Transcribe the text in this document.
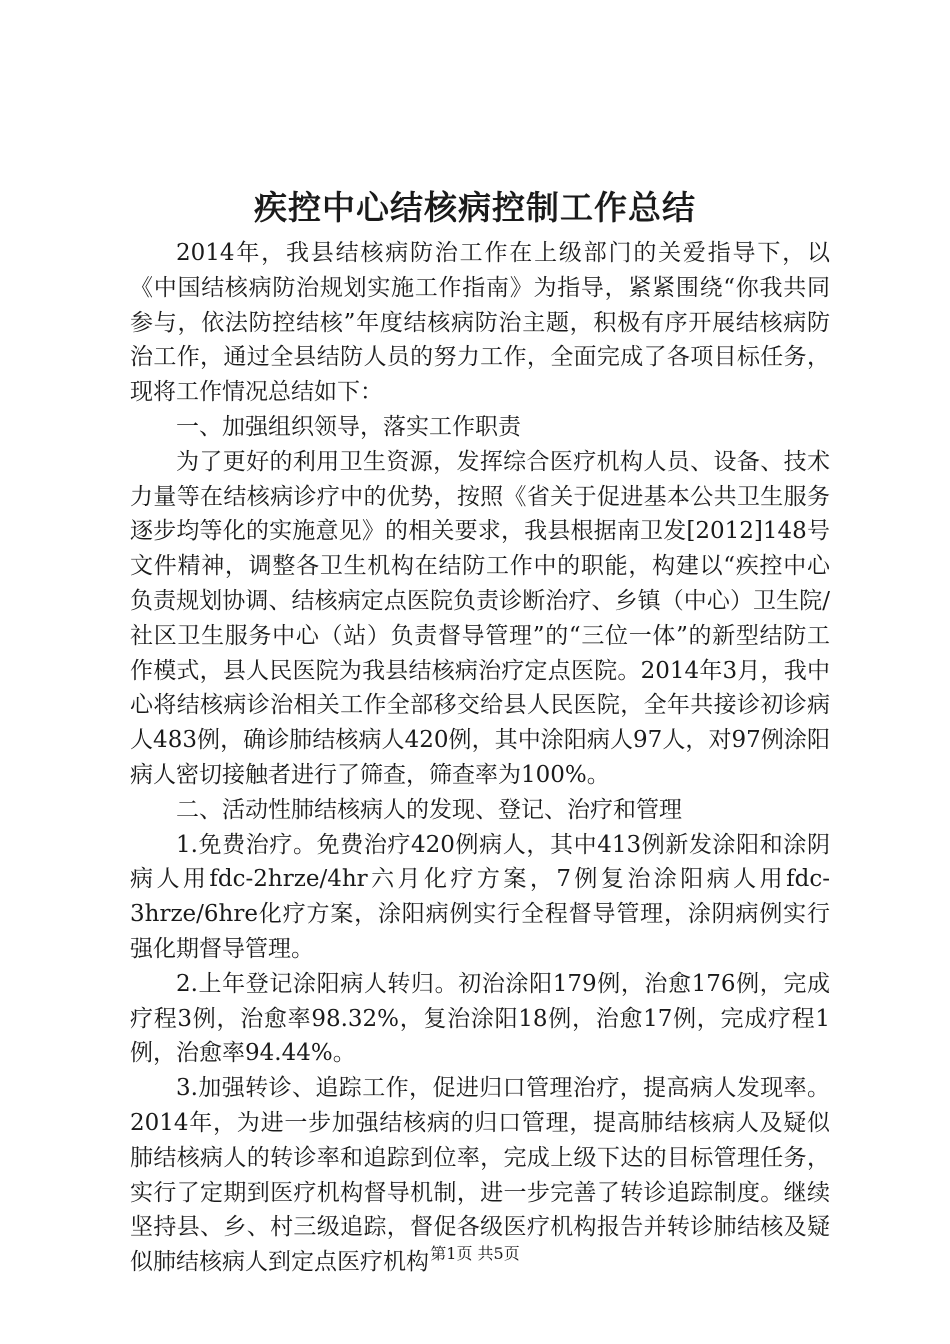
疾控中心结核病控制工作总结

2014年，我县结核病防治工作在上级部门的关爱指导下，以《中国结核病防治规划实施工作指南》为指导，紧紧围绕“你我共同参与，依法防控结核”年度结核病防治主题，积极有序开展结核病防治工作，通过全县结防人员的努力工作，全面完成了各项目标任务，现将工作情况总结如下：

一、加强组织领导，落实工作职责

为了更好的利用卫生资源，发挥综合医疗机构人员、设备、技术力量等在结核病诊疗中的优势，按照《省关于促进基本公共卫生服务逐步均等化的实施意见》的相关要求，我县根据南卫发[2012]148号文件精神，调整各卫生机构在结防工作中的职能，构建以“疾控中心负责规划协调、结核病定点医院负责诊断治疗、乡镇（中心）卫生院/社区卫生服务中心（站）负责督导管理”的“三位一体”的新型结防工作模式，县人民医院为我县结核病治疗定点医院。2014年3月，我中心将结核病诊治相关工作全部移交给县人民医院，全年共接诊初诊病人483例，确诊肺结核病人420例，其中涂阳病人97人，对97例涂阳病人密切接触者进行了筛查，筛查率为100%。

二、活动性肺结核病人的发现、登记、治疗和管理

1.免费治疗。免费治疗420例病人，其中413例新发涂阳和涂阴病人用fdc-2hrze/4hr六月化疗方案，7例复治涂阳病人用fdc-3hrze/6hre化疗方案，涂阳病例实行全程督导管理，涂阴病例实行强化期督导管理。

2.上年登记涂阳病人转归。初治涂阳179例，治愈176例，完成疗程3例，治愈率98.32%，复治涂阳18例，治愈17例，完成疗程1例，治愈率94.44%。

3.加强转诊、追踪工作，促进归口管理治疗，提高病人发现率。2014年，为进一步加强结核病的归口管理，提高肺结核病人及疑似肺结核病人的转诊率和追踪到位率，完成上级下达的目标管理任务，实行了定期到医疗机构督导机制，进一步完善了转诊追踪制度。继续坚持县、乡、村三级追踪，督促各级医疗机构报告并转诊肺结核及疑似肺结核病人到定点医疗机构 第1页 共5页
